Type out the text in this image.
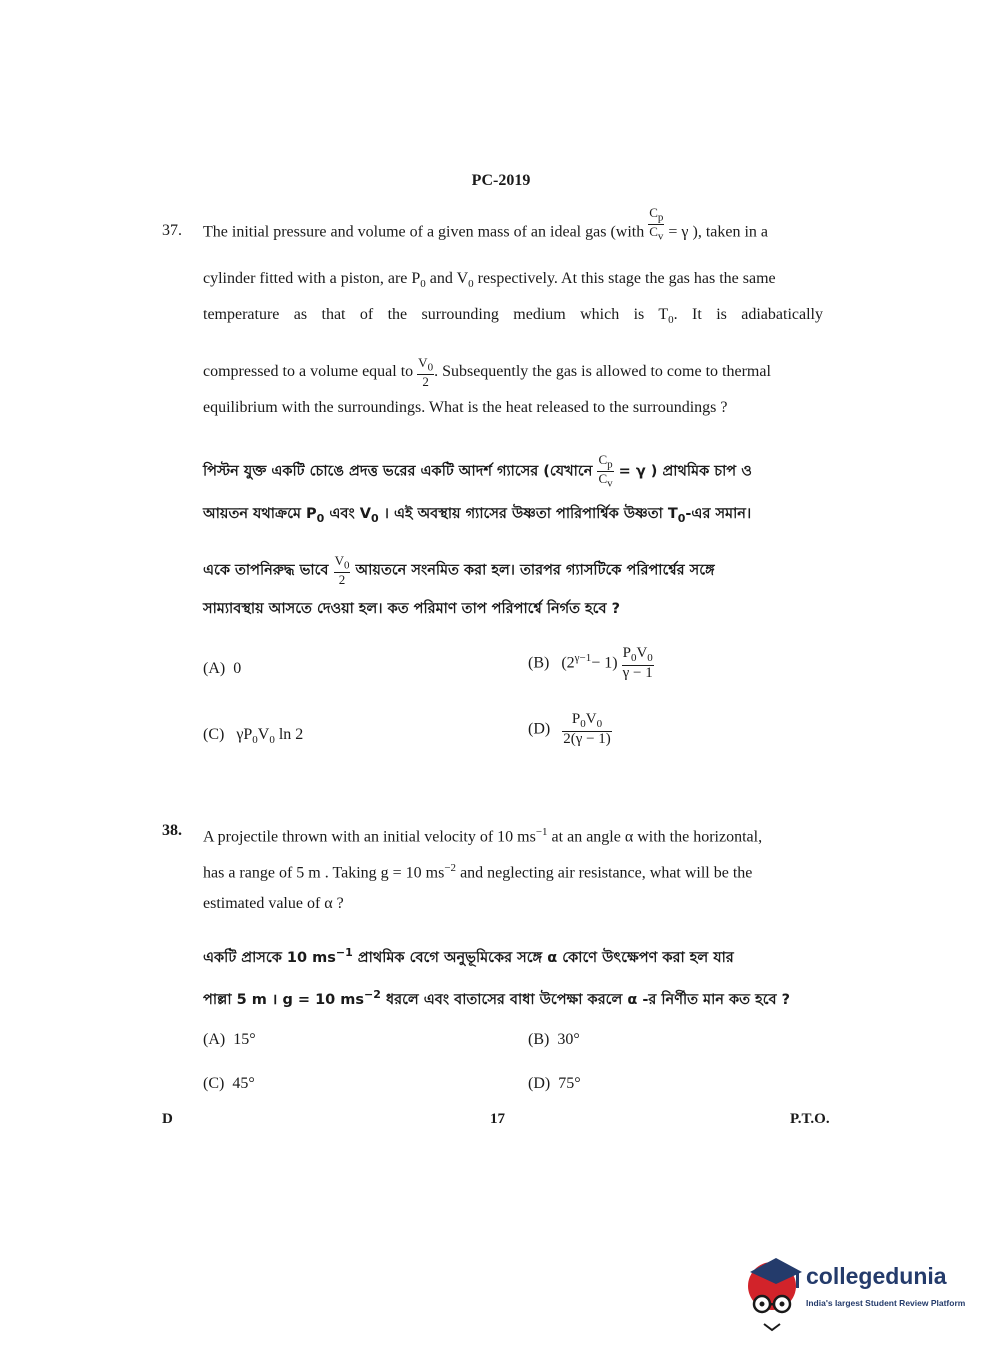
PC-2019
37. The initial pressure and volume of a given mass of an ideal gas (with $\frac{C_p}{C_v} = \gamma$ ), taken in a
cylinder fitted with a piston, are $P_0$ and $V_0$ respectively. At this stage the gas has the same
temperature as that of the surrounding medium which is $T_0$. It is adiabatically
compressed to a volume equal to $\frac{V_0}{2}$ . Subsequently the gas is allowed to come to thermal
equilibrium with the surroundings. What is the heat released to the surroundings ?
পিস্টন যুক্ত একটি চোঙে প্রদত্ত ভরের একটি আদর্শ গ্যাসের (যেখানে $\frac{C_p}{C_v} = \gamma$ ) প্রাথমিক চাপ ও
আয়তন যথাক্রমে $P_0$ এবং $V_0$ । এই অবস্থায় গ্যাসের উষ্ণতা পারিপার্শ্বিক উষ্ণতা $T_0-এর$ সমান।
একে তাপনিরুদ্ধ ভাবে $\frac{V_0}{2}$ আয়তনে সংনমিত করা হল। তারপর গ্যাসটিকে পরিপার্শ্বের সঙ্গে
সাম্যাবস্থায় আসতে দেওয়া হল। কত পরিমাণ তাপ পরিপার্শ্বে নির্গত হবে ?
(A) 0	(B) $(2^{\gamma-1}- 1) \frac{P_0V_0}{\gamma - 1}$
(C) $\gamma P_0V_0$ ln 2	$(D) \frac{P_0V_0}{2(\gamma - 1)}$
38. A projectile thrown with an initial velocity of 10 $ms^{-1}$ at an angle α with the horizontal,
has a range of 5 m . Taking g = 10 $ms^{-2}$ and neglecting air resistance, what will be the
estimated value of α ?
একটি প্রাসকে 10 $ms^{-1}$ প্রাথমিক বেগে অনুভূমিকের সঙ্গে α কোণে উৎক্ষেপণ করা হল যার
পাল্লা 5 m । g = 10 $ms^{-2}$ ধরলে এবং বাতাসের বাধা উপেক্ষা করলে α -র নির্ণীত মান কত হবে ?
(A) 15°	(B) 30°
(C) 45°	(D) 75°
D	17	P.T.O.
collegedunia
India's largest Student Review Platform
